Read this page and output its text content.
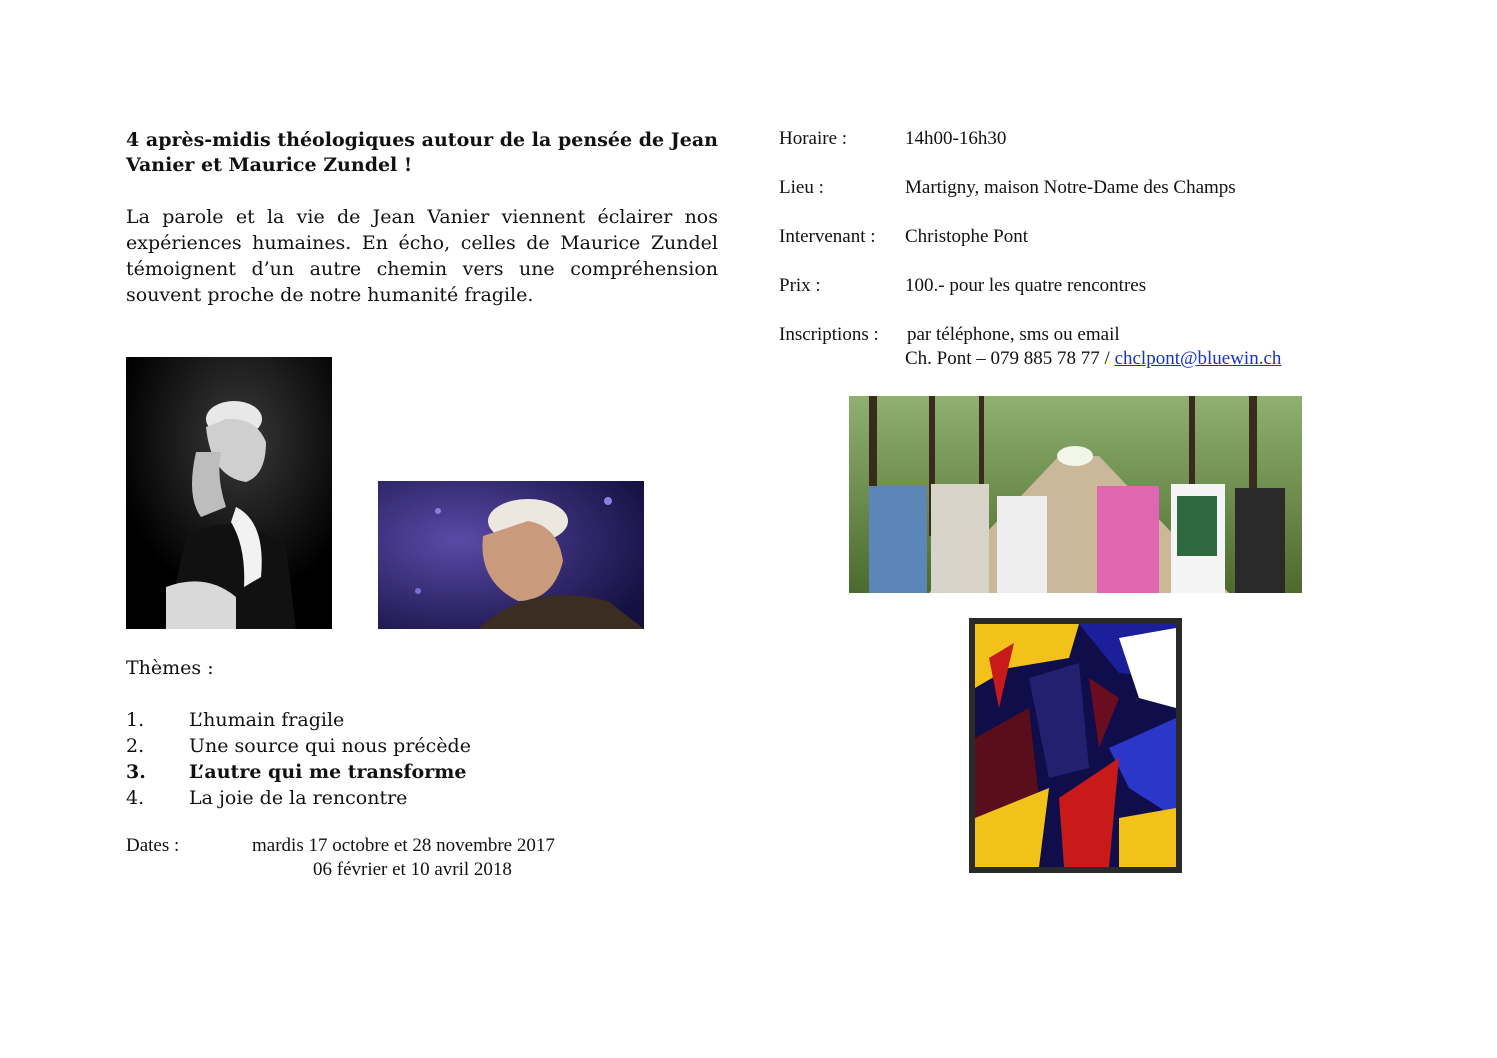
4 après-midis théologiques autour de la pensée de Jean Vanier et Maurice Zundel !
La parole et la vie de Jean Vanier viennent éclairer nos expériences humaines. En écho, celles de Maurice Zundel témoignent d’un autre chemin vers une compréhension souvent proche de notre humanité fragile.
Thèmes :
1.	L’humain fragile
2.	Une source qui nous précède
3.	L’autre qui me transforme
4.	La joie de la rencontre
Dates :	mardis 17 octobre et 28 novembre 2017
06 février et 10 avril 2018
Horaire :	14h00-16h30
Lieu :	Martigny, maison Notre-Dame des Champs
Intervenant : Christophe Pont
Prix :	100.- pour les quatre rencontres
Inscriptions : par téléphone, sms ou email
Ch. Pont – 079 885 78 77 / chclpont@bluewin.ch
